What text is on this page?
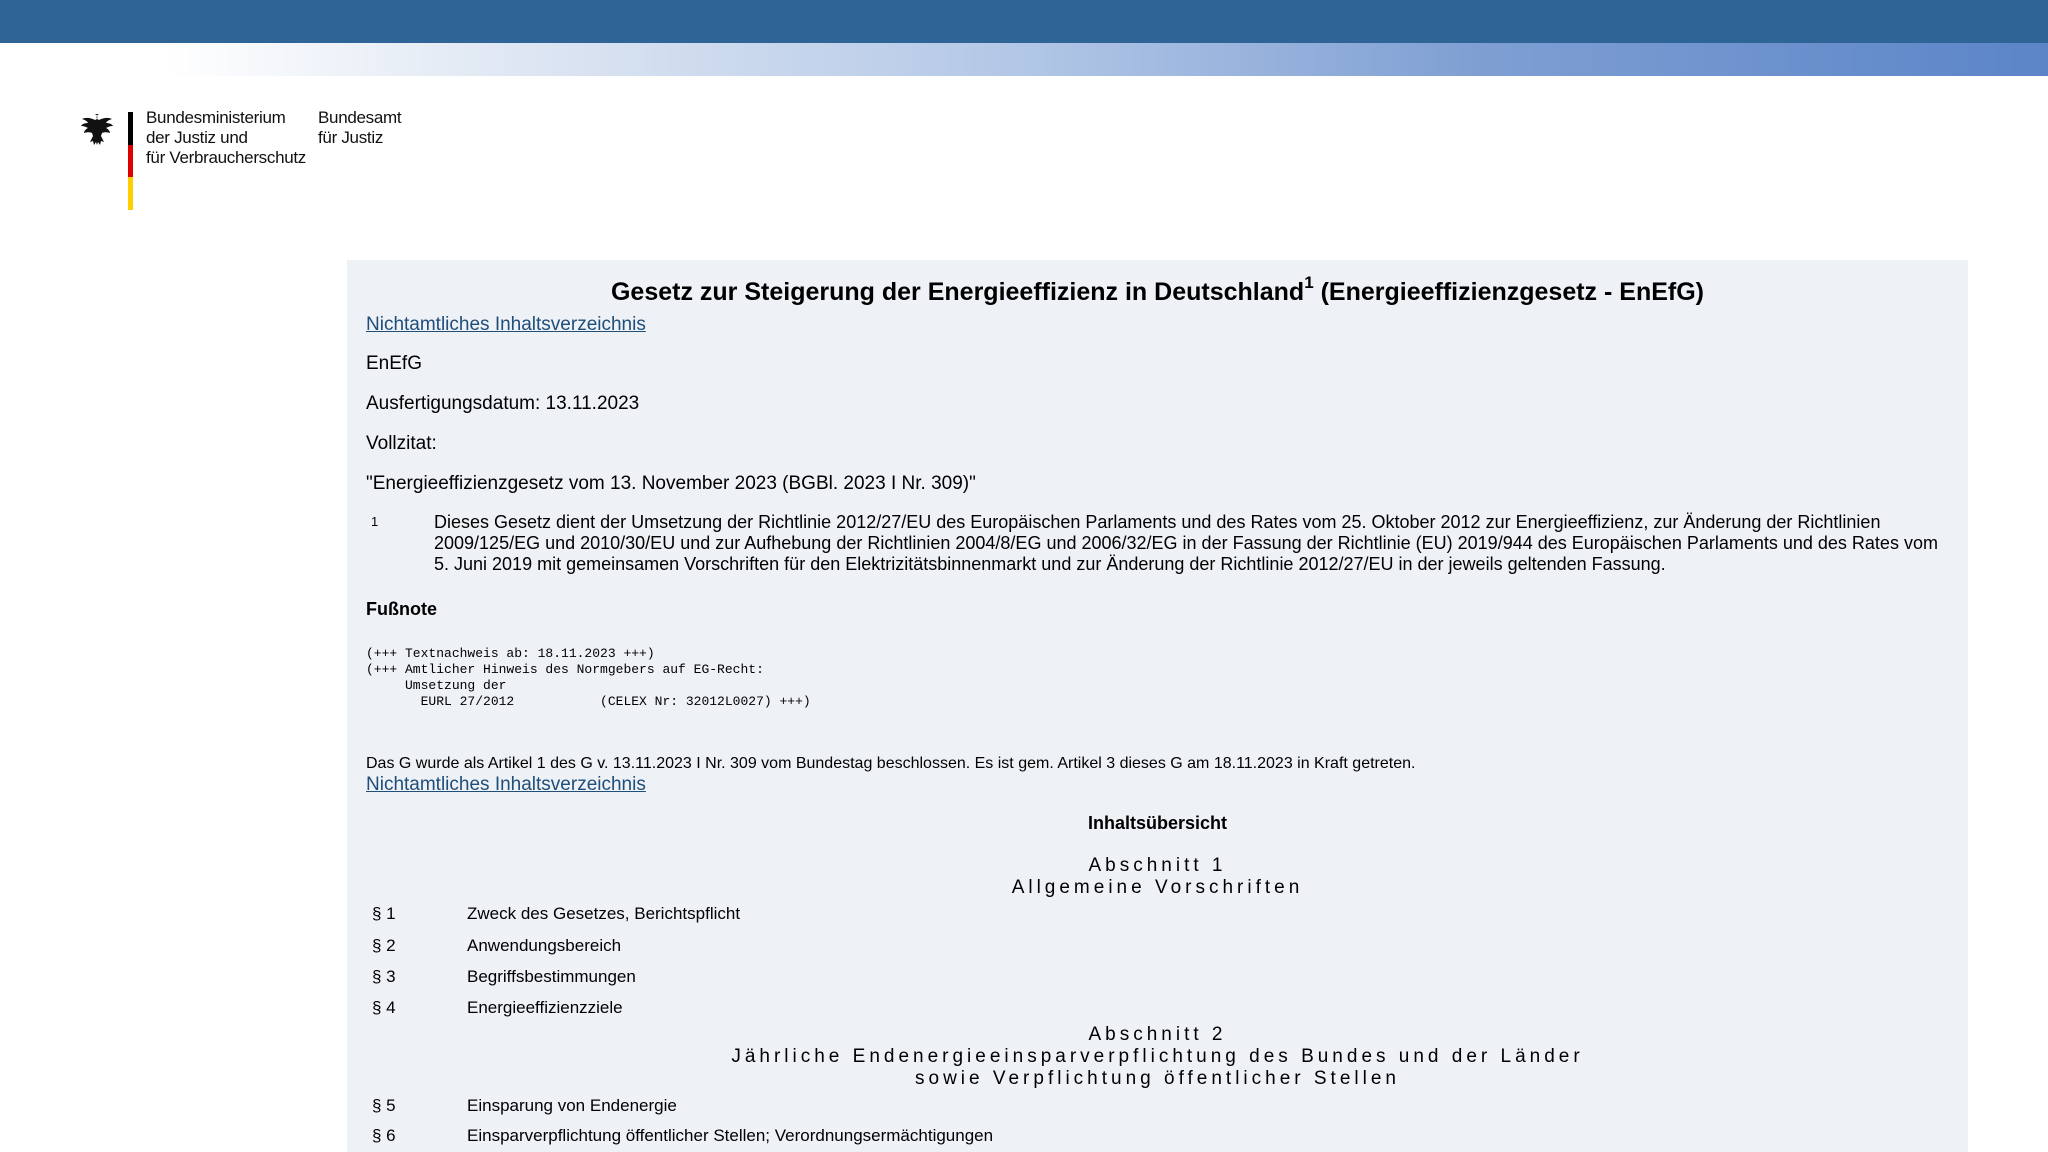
Bundesministerium
der Justiz und
für Verbraucherschutz
Bundesamt
für Justiz
Gesetz zur Steigerung der Energieeffizienz in Deutschland$^1$ (Energieeffizienzgesetz - EnEfG)
Nichtamtliches Inhaltsverzeichnis
EnEfG
Ausfertigungsdatum: 13.11.2023
Vollzitat:
"Energieeffizienzgesetz vom 13. November 2023 (BGBl. 2023 I Nr. 309)"
1	Dieses Gesetz dient der Umsetzung der Richtlinie 2012/27/EU des Europäischen Parlaments und des Rates vom 25. Oktober 2012 zur Energieeffizienz, zur Änderung der Richtlinien 2009/125/EG und 2010/30/EU und zur Aufhebung der Richtlinien 2004/8/EG und 2006/32/EG in der Fassung der Richtlinie (EU) 2019/944 des Europäischen Parlaments und des Rates vom 5. Juni 2019 mit gemeinsamen Vorschriften für den Elektrizitätsbinnenmarkt und zur Änderung der Richtlinie 2012/27/EU in der jeweils geltenden Fassung.
Fußnote
(+++ Textnachweis ab: 18.11.2023 +++)
(+++ Amtlicher Hinweis des Normgebers auf EG-Recht:
Umsetzung der
EURL 27/2012           (CELEX Nr: 32012L0027) +++)
Das G wurde als Artikel 1 des G v. 13.11.2023 I Nr. 309 vom Bundestag beschlossen. Es ist gem. Artikel 3 dieses G am 18.11.2023 in Kraft getreten.
Nichtamtliches Inhaltsverzeichnis
Inhaltsübersicht
Abschnitt 1
Allgemeine Vorschriften
§ 1	Zweck des Gesetzes, Berichtspflicht
§ 2	Anwendungsbereich
§ 3	Begriffsbestimmungen
§ 4	Energieeffizienzziele
Abschnitt 2
Jährliche Endenergieeinsparverpflichtung des Bundes und der Länder
sowie Verpflichtung öffentlicher Stellen
§ 5	Einsparung von Endenergie
§ 6	Einsparverpflichtung öffentlicher Stellen; Verordnungsermächtigungen
